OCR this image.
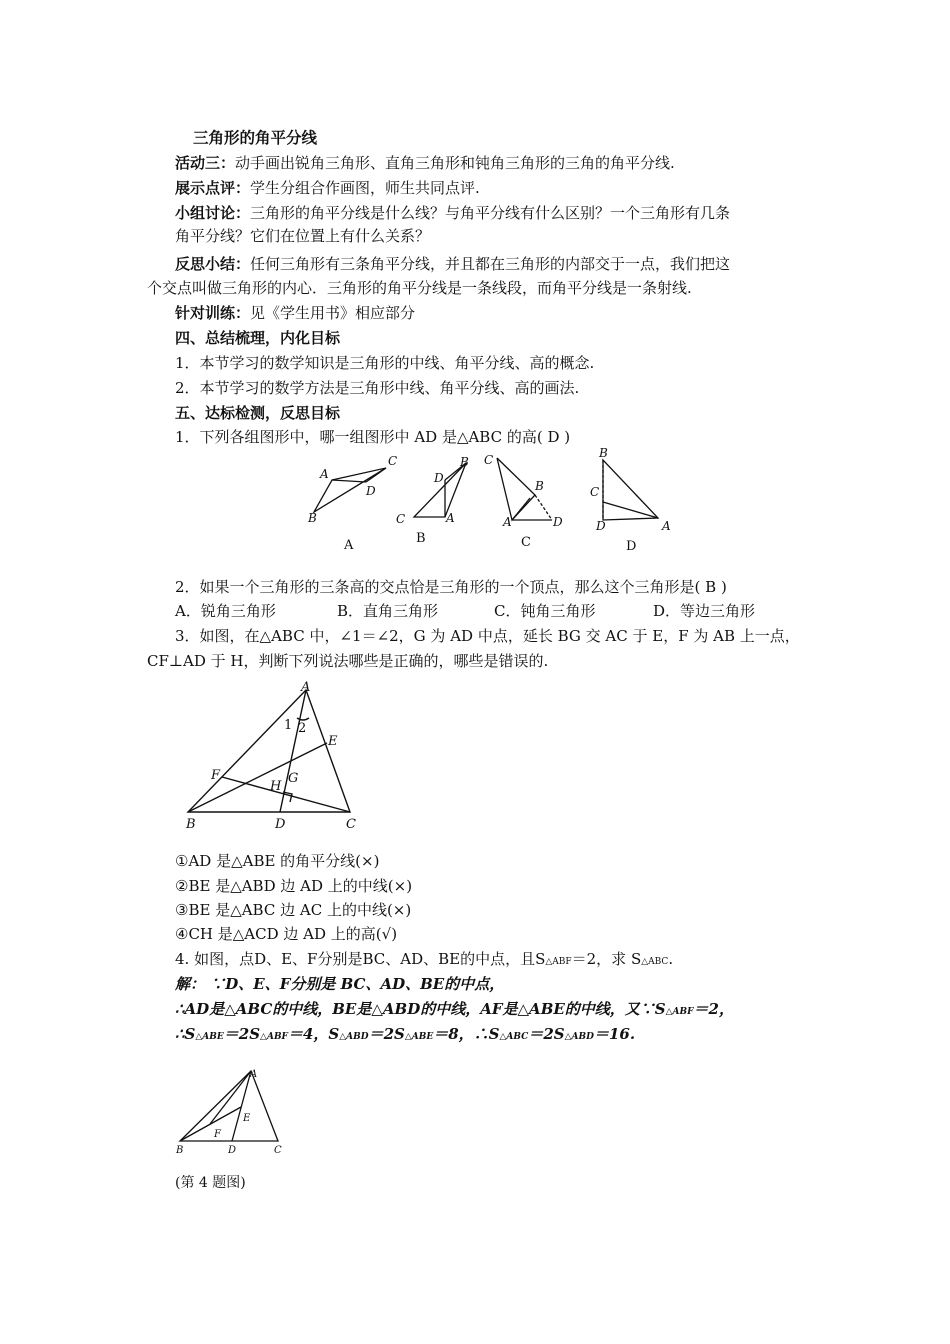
三角形的角平分线
活动三：动手画出锐角三角形、直角三角形和钝角三角形的三角的角平分线.
展示点评：学生分组合作画图，师生共同点评.
小组讨论：三角形的角平分线是什么线？与角平分线有什么区别？一个三角形有几条
角平分线？它们在位置上有什么关系？
反思小结：任何三角形有三条角平分线，并且都在三角形的内部交于一点，我们把这
个交点叫做三角形的内心．三角形的角平分线是一条线段，而角平分线是一条射线.
针对训练：见《学生用书》相应部分
四、总结梳理，内化目标
1．本节学习的数学知识是三角形的中线、角平分线、高的概念.
2．本节学习的数学方法是三角形中线、角平分线、高的画法.
五、达标检测，反思目标
1．下列各组图形中，哪一组图形中 AD 是△ABC 的高( D )
A
C
D
B
B
D
C	A
C
B
A	D
B
C
D	A
A	B	C	D
2．如果一个三角形的三条高的交点恰是三角形的一个顶点，那么这个三角形是( B )
A．锐角三角形	B．直角三角形	C．钝角三角形	D．等边三角形
3．如图，在△ABC 中，∠1＝∠2，G 为 AD 中点，延长 BG 交 AC 于 E，F 为 AB 上一点，
CF⊥AD 于 H，判断下列说法哪些是正确的，哪些是错误的.
A
1 2
E
G
F
H
B	D	C
①AD 是△ABE 的角平分线(×)
②BE 是△ABD 边 AD 上的中线(×)
③BE 是△ABC 边 AC 上的中线(×)
④CH 是△ACD 边 AD 上的高(√)
4. 如图，点D、E、F分别是BC、AD、BE的中点，且S△ABF＝2，求 S△ABC.
解： ∵D、E、F分别是 BC、AD、BE的中点，
∴AD是△ABC的中线，BE是△ABD的中线，AF是△ABE的中线，又∵S△ABF＝2，
∴S△ABE＝2S△ABF＝4，S△ABD＝2S△ABE＝8，∴S△ABC＝2S△ABD＝16.
A
E
F
B	D	C
(第 4 题图)
